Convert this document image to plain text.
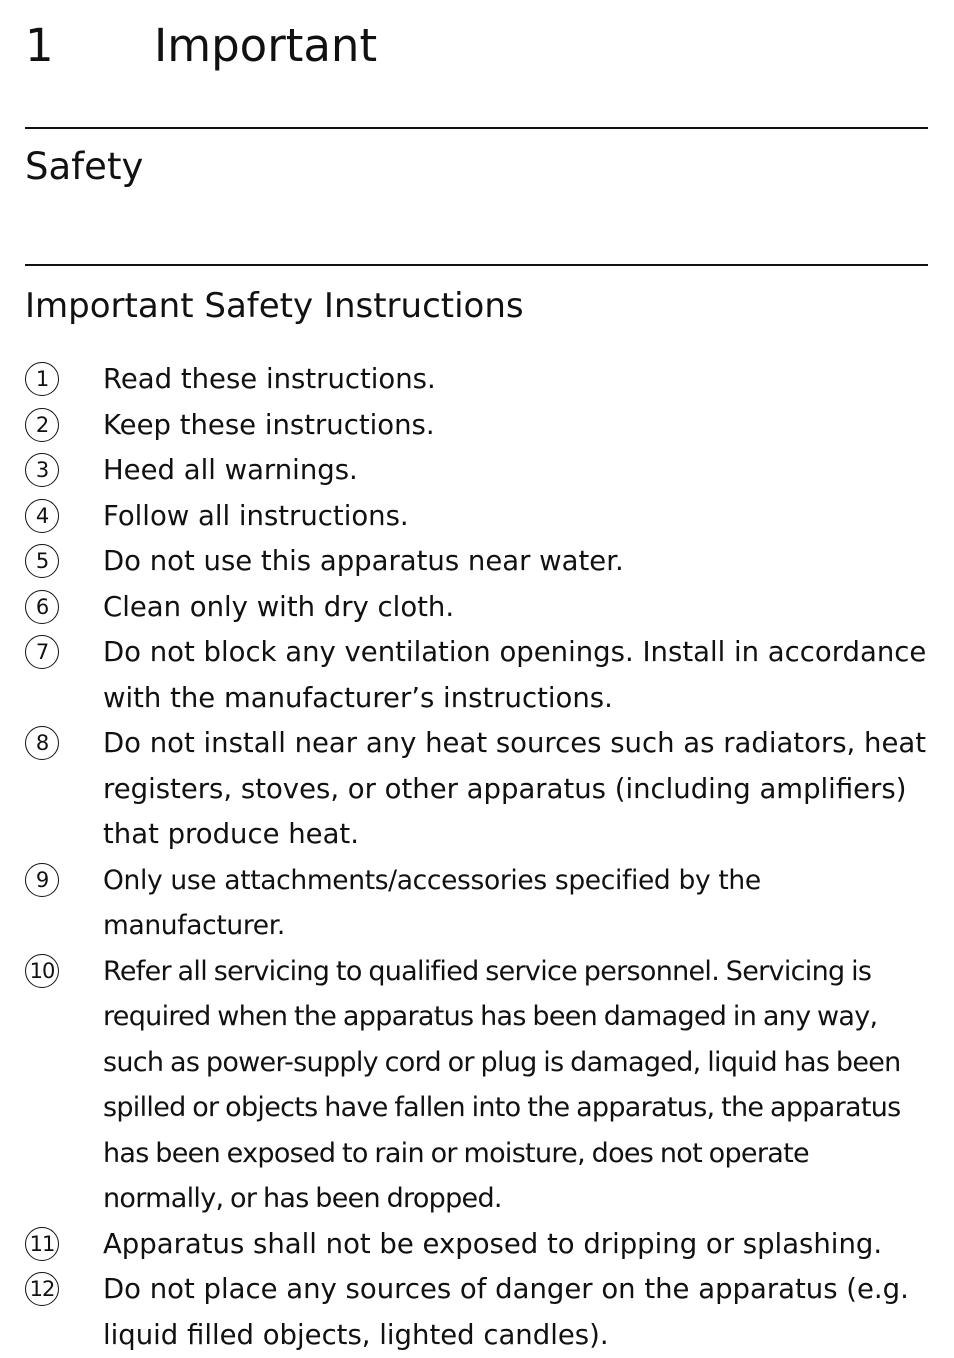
1 Important
Safety
Important Safety Instructions
1	Read these instructions.
2	Keep these instructions.
3	Heed all warnings.
4	Follow all instructions.
5	Do not use this apparatus near water.
6	Clean only with dry cloth.
7	Do not block any ventilation openings. Install in accordance with the manufacturer’s instructions.
8	Do not install near any heat sources such as radiators, heat registers, stoves, or other apparatus (including amplifiers) that produce heat.
9	Only use attachments/accessories specified by the manufacturer.
10 Refer all servicing to qualified service personnel. Servicing is required when the apparatus has been damaged in any way, such as power-supply cord or plug is damaged, liquid has been spilled or objects have fallen into the apparatus, the apparatus has been exposed to rain or moisture, does not operate normally, or has been dropped.
11 Apparatus shall not be exposed to dripping or splashing.
12 Do not place any sources of danger on the apparatus (e.g. liquid filled objects, lighted candles).
